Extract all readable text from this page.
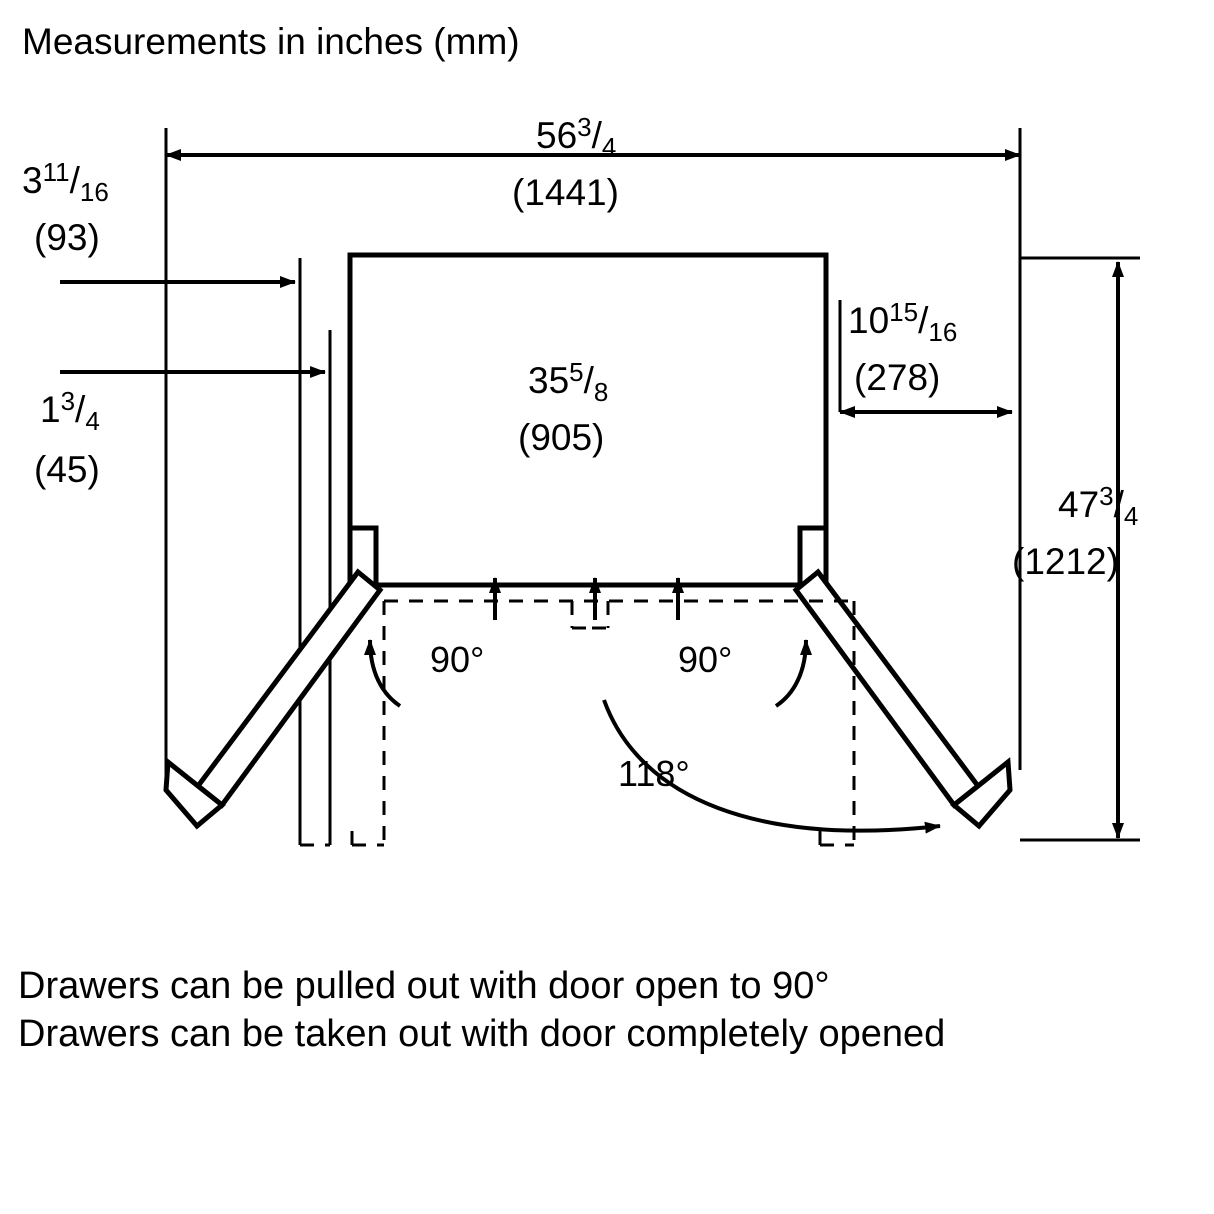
Measurements in inches (mm)
$56^3/_4$
(1441)
$3^{11}/_{16}$
(93)
$1^3/_4$
(45)
$35^5/_8$
(905)
$10^{15}/_{16}$
(278)
$47^3/_4$
(1212)
90°	90°
118°
Drawers can be pulled out with door open to 90°
Drawers can be taken out with door completely opened
